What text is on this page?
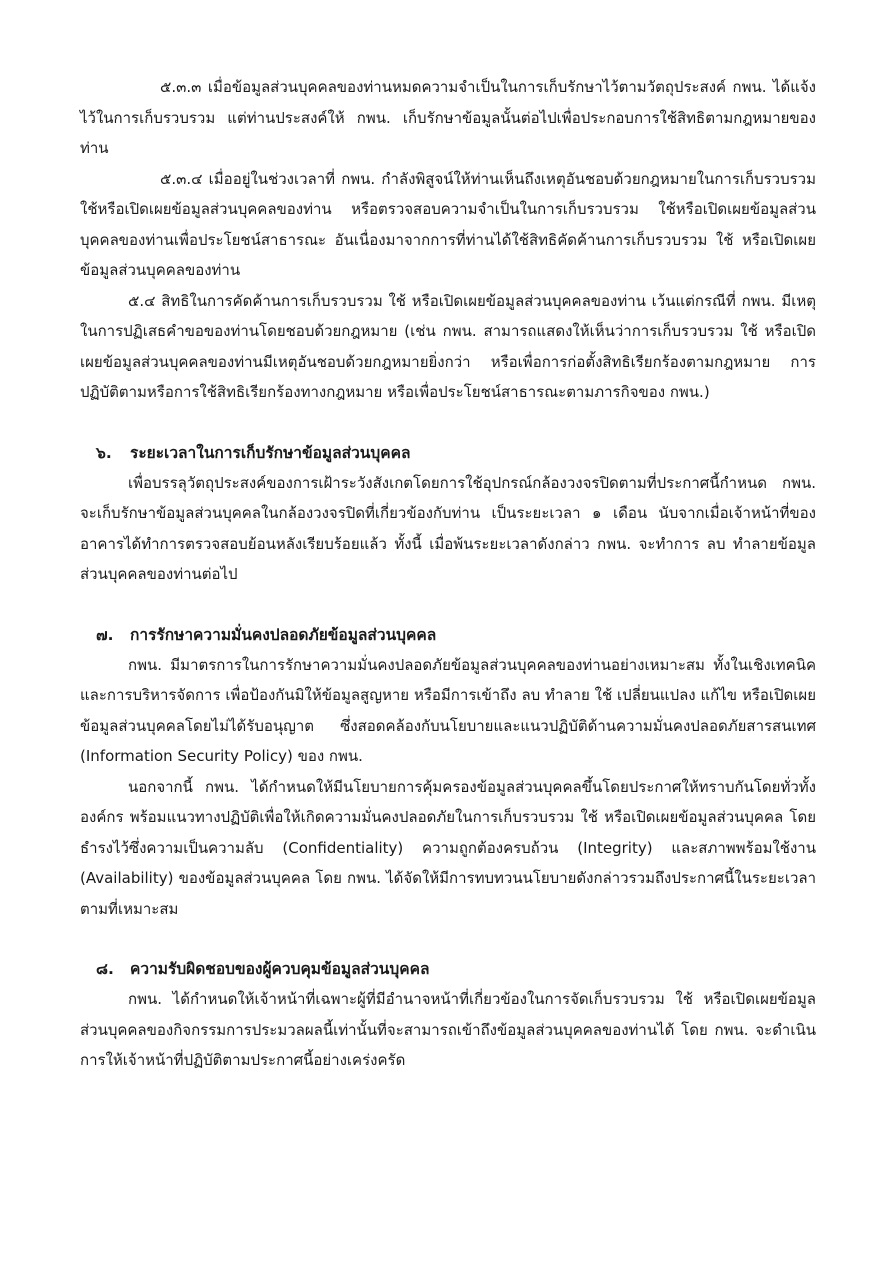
๕.๓.๓ เมื่อข้อมูลส่วนบุคคลของท่านหมดความจำเป็นในการเก็บรักษาไว้ตามวัตถุประสงค์ กพน. ได้แจ้งไว้ในการเก็บรวบรวม แต่ท่านประสงค์ให้ กพน. เก็บรักษาข้อมูลนั้นต่อไปเพื่อประกอบการใช้สิทธิตามกฎหมายของท่าน

๕.๓.๔ เมื่ออยู่ในช่วงเวลาที่ กพน. กำลังพิสูจน์ให้ท่านเห็นถึงเหตุอันชอบด้วยกฎหมายในการเก็บรวบรวม ใช้หรือเปิดเผยข้อมูลส่วนบุคคลของท่าน หรือตรวจสอบความจำเป็นในการเก็บรวบรวม ใช้หรือเปิดเผยข้อมูลส่วนบุคคลของท่านเพื่อประโยชน์สาธารณะ อันเนื่องมาจากการที่ท่านได้ใช้สิทธิคัดค้านการเก็บรวบรวม ใช้ หรือเปิดเผยข้อมูลส่วนบุคคลของท่าน

๕.๔ สิทธิในการคัดค้านการเก็บรวบรวม ใช้ หรือเปิดเผยข้อมูลส่วนบุคคลของท่าน เว้นแต่กรณีที่ กพน. มีเหตุในการปฏิเสธคำขอของท่านโดยชอบด้วยกฎหมาย (เช่น กพน. สามารถแสดงให้เห็นว่าการเก็บรวบรวม ใช้ หรือเปิดเผยข้อมูลส่วนบุคคลของท่านมีเหตุอันชอบด้วยกฎหมายยิ่งกว่า หรือเพื่อการก่อตั้งสิทธิเรียกร้องตามกฎหมาย การปฏิบัติตามหรือการใช้สิทธิเรียกร้องทางกฎหมาย หรือเพื่อประโยชน์สาธารณะตามภารกิจของ กพน.)

๖. ระยะเวลาในการเก็บรักษาข้อมูลส่วนบุคคล

เพื่อบรรลุวัตถุประสงค์ของการเฝ้าระวังสังเกตโดยการใช้อุปกรณ์กล้องวงจรปิดตามที่ประกาศนี้กำหนด กพน. จะเก็บรักษาข้อมูลส่วนบุคคลในกล้องวงจรปิดที่เกี่ยวข้องกับท่าน เป็นระยะเวลา ๑ เดือน นับจากเมื่อเจ้าหน้าที่ของอาคารได้ทำการตรวจสอบย้อนหลังเรียบร้อยแล้ว ทั้งนี้ เมื่อพ้นระยะเวลาดังกล่าว กพน. จะทำการ ลบ ทำลายข้อมูลส่วนบุคคลของท่านต่อไป

๗. การรักษาความมั่นคงปลอดภัยข้อมูลส่วนบุคคล

กพน. มีมาตรการในการรักษาความมั่นคงปลอดภัยข้อมูลส่วนบุคคลของท่านอย่างเหมาะสม ทั้งในเชิงเทคนิคและการบริหารจัดการ เพื่อป้องกันมิให้ข้อมูลสูญหาย หรือมีการเข้าถึง ลบ ทำลาย ใช้ เปลี่ยนแปลง แก้ไข หรือเปิดเผยข้อมูลส่วนบุคคลโดยไม่ได้รับอนุญาต ซึ่งสอดคล้องกับนโยบายและแนวปฏิบัติด้านความมั่นคงปลอดภัยสารสนเทศ (Information Security Policy) ของ กพน.

นอกจากนี้ กพน. ได้กำหนดให้มีนโยบายการคุ้มครองข้อมูลส่วนบุคคลขึ้นโดยประกาศให้ทราบกันโดยทั่วทั้งองค์กร พร้อมแนวทางปฏิบัติเพื่อให้เกิดความมั่นคงปลอดภัยในการเก็บรวบรวม ใช้ หรือเปิดเผยข้อมูลส่วนบุคคล โดยธำรงไว้ซึ่งความเป็นความลับ (Confidentiality) ความถูกต้องครบถ้วน (Integrity) และสภาพพร้อมใช้งาน (Availability) ของข้อมูลส่วนบุคคล โดย กพน. ได้จัดให้มีการทบทวนนโยบายดังกล่าวรวมถึงประกาศนี้ในระยะเวลาตามที่เหมาะสม

๘. ความรับผิดชอบของผู้ควบคุมข้อมูลส่วนบุคคล

กพน. ได้กำหนดให้เจ้าหน้าที่เฉพาะผู้ที่มีอำนาจหน้าที่เกี่ยวข้องในการจัดเก็บรวบรวม ใช้ หรือเปิดเผยข้อมูลส่วนบุคคลของกิจกรรมการประมวลผลนี้เท่านั้นที่จะสามารถเข้าถึงข้อมูลส่วนบุคคลของท่านได้ โดย กพน. จะดำเนินการให้เจ้าหน้าที่ปฏิบัติตามประกาศนี้อย่างเคร่งครัด
